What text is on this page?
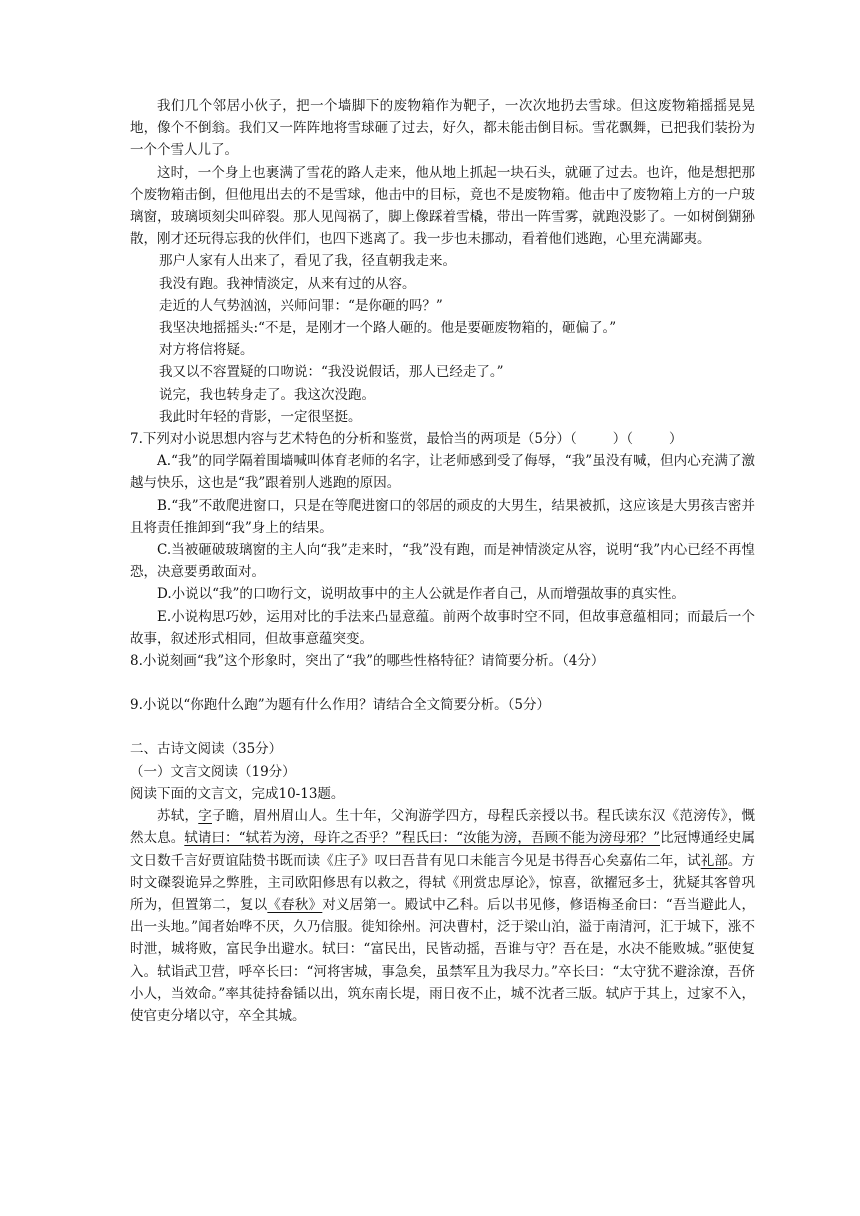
我们几个邻居小伙子，把一个墙脚下的废物箱作为靶子，一次次地扔去雪球。但这废物箱摇摇晃晃地，像个不倒翁。我们又一阵阵地将雪球砸了过去，好久，都未能击倒目标。雪花飘舞，已把我们装扮为一个个雪人儿了。

这时，一个身上也裹满了雪花的路人走来，他从地上抓起一块石头，就砸了过去。也许，他是想把那个废物箱击倒，但他甩出去的不是雪球，他击中的目标，竟也不是废物箱。他击中了废物箱上方的一户玻璃窗，玻璃顷刻尖叫碎裂。那人见闯祸了，脚上像踩着雪橇，带出一阵雪雾，就跑没影了。一如树倒猢狲散，刚才还玩得忘我的伙伴们，也四下逃离了。我一步也未挪动，看着他们逃跑，心里充满鄙夷。

那户人家有人出来了，看见了我，径直朝我走来。

我没有跑。我神情淡定，从来有过的从容。

走近的人气势汹汹，兴师问罪：“是你砸的吗？”

我坚决地摇摇头:“不是，是刚才一个路人砸的。他是要砸废物箱的，砸偏了。”

对方将信将疑。

我又以不容置疑的口吻说：“我没说假话，那人已经走了。”

说完，我也转身走了。我这次没跑。

我此时年轻的背影，一定很坚挺。

7.下列对小说思想内容与艺术特色的分析和鉴赏，最恰当的两项是（5分）（	）（	）

A.“我”的同学隔着围墙喊叫体育老师的名字，让老师感到受了侮辱，“我”虽没有喊，但内心充满了激越与快乐，这也是“我”跟着别人逃跑的原因。

B.“我”不敢爬进窗口，只是在等爬进窗口的邻居的顽皮的大男生，结果被抓，这应该是大男孩吉密并且将责任推卸到“我”身上的结果。

C.当被砸破玻璃窗的主人向“我”走来时，“我”没有跑，而是神情淡定从容，说明“我”内心已经不再惶恐，决意要勇敢面对。

D.小说以“我”的口吻行文，说明故事中的主人公就是作者自己，从而增强故事的真实性。

E.小说构思巧妙，运用对比的手法来凸显意蕴。前两个故事时空不同，但故事意蕴相同；而最后一个故事，叙述形式相同，但故事意蕴突变。

8.小说刻画“我”这个形象时，突出了“我”的哪些性格特征？请简要分析。（4分）

9.小说以“你跑什么跑”为题有什么作用？请结合全文简要分析。（5分）

二、古诗文阅读（35分）

（一）文言文阅读（19分）

阅读下面的文言文，完成10-13题。

苏轼，字子瞻，眉州眉山人。生十年，父洵游学四方，母程氏亲授以书。程氏读东汉《范滂传》，慨然太息。轼请曰：“轼若为滂，母许之否乎？”程氏曰：“汝能为滂，吾顾不能为滂母邪？”比冠博通经史属文日数千言好贾谊陆贽书既而读《庄子》叹曰吾昔有见口未能言今见是书得吾心矣嘉佑二年，试礼部。方时文磔裂诡异之弊胜，主司欧阳修思有以救之，得轼《刑赏忠厚论》，惊喜，欲擢冠多士，犹疑其客曾巩所为，但置第二，复以《春秋》对义居第一。殿试中乙科。后以书见修，修语梅圣俞曰：“吾当避此人，出一头地。”闻者始哗不厌，久乃信服。徙知徐州。河决曹村，泛于梁山泊，溢于南清河，汇于城下，涨不时泄，城将败，富民争出避水。轼曰：“富民出，民皆动摇，吾谁与守？吾在是，水决不能败城。”驱使复入。轼诣武卫营，呼卒长曰：“河将害城，事急矣，虽禁军且为我尽力。”卒长曰：“太守犹不避涂潦，吾侪小人，当效命。”率其徒持畚锸以出，筑东南长堤，雨日夜不止，城不沈者三版。轼庐于其上，过家不入，使官吏分堵以守，卒全其城。
